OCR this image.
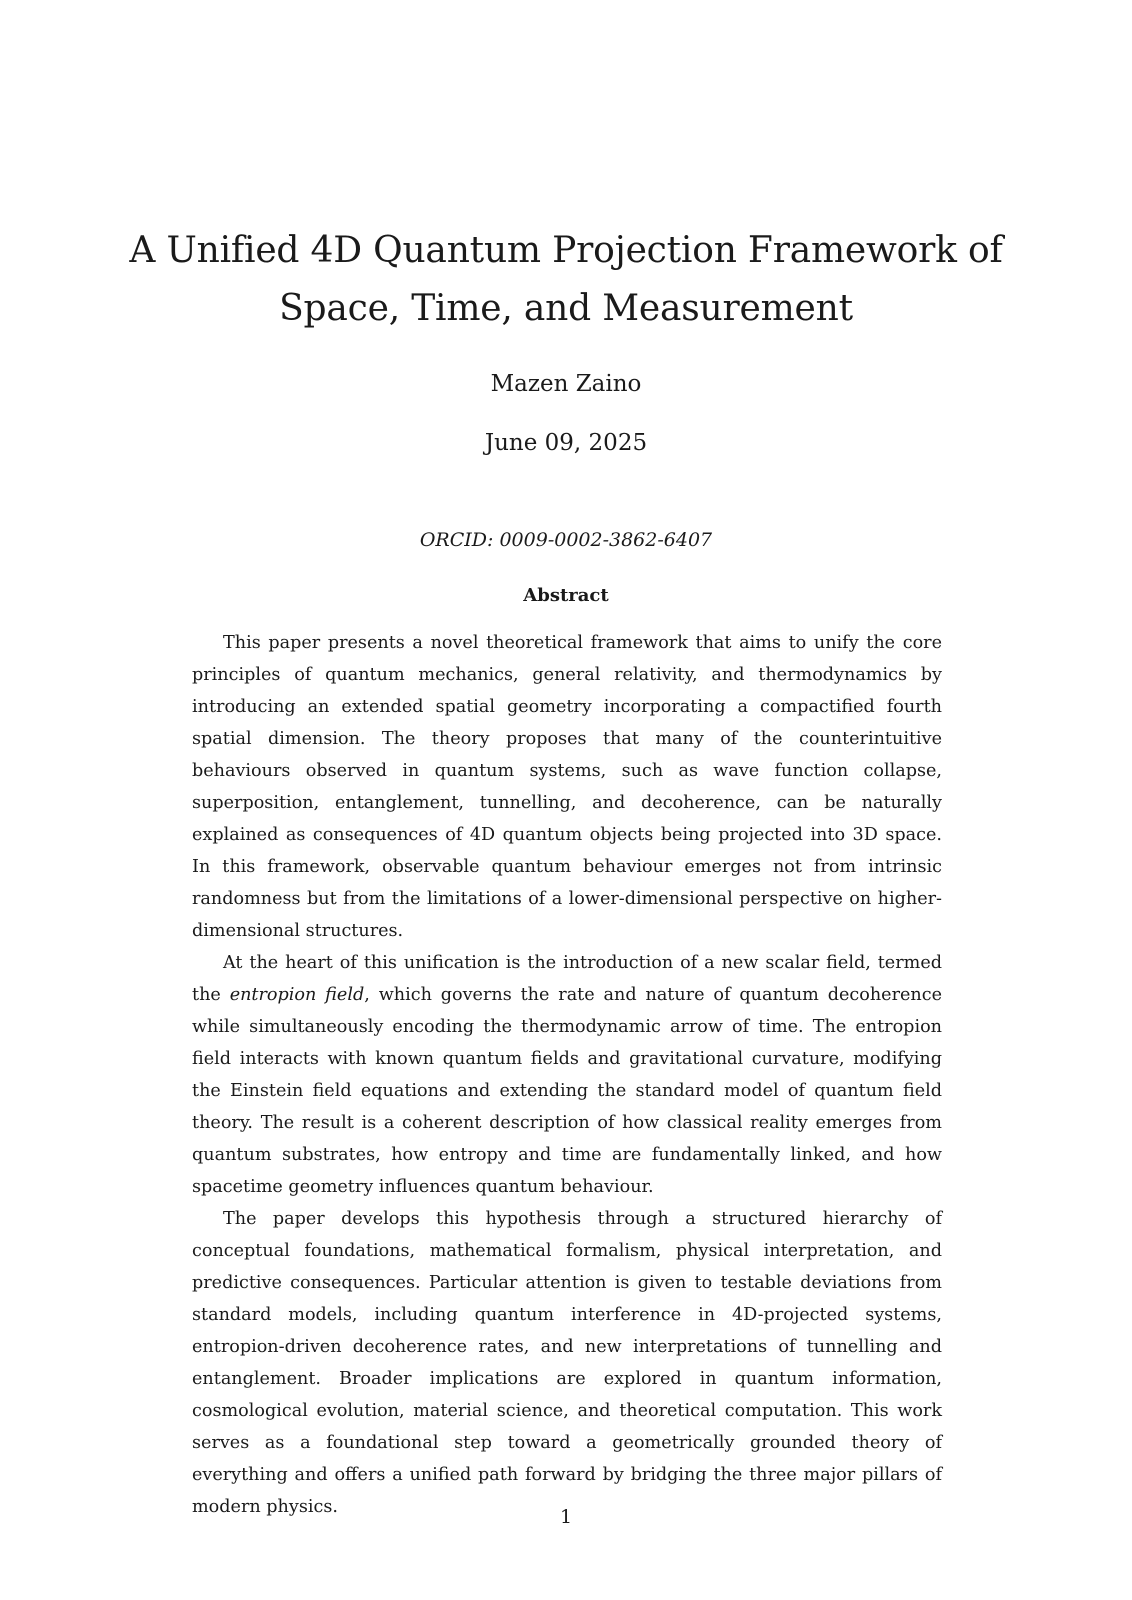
A Unified 4D Quantum Projection Framework of Space, Time, and Measurement
Mazen Zaino
June 09, 2025
ORCID: 0009-0002-3862-6407
Abstract

This paper presents a novel theoretical framework that aims to unify the core principles of quantum mechanics, general relativity, and thermodynamics by introducing an extended spatial geometry incorporating a compactified fourth spatial dimension. The theory proposes that many of the counterintuitive behaviours observed in quantum systems, such as wave function collapse, superposition, entanglement, tunnelling, and decoherence, can be naturally explained as consequences of 4D quantum objects being projected into 3D space. In this framework, observable quantum behaviour emerges not from intrinsic randomness but from the limitations of a lower-dimensional perspective on higher-dimensional structures.

At the heart of this unification is the introduction of a new scalar field, termed the entropion field, which governs the rate and nature of quantum decoherence while simultaneously encoding the thermodynamic arrow of time. The entropion field interacts with known quantum fields and gravitational curvature, modifying the Einstein field equations and extending the standard model of quantum field theory. The result is a coherent description of how classical reality emerges from quantum substrates, how entropy and time are fundamentally linked, and how spacetime geometry influences quantum behaviour.

The paper develops this hypothesis through a structured hierarchy of conceptual foundations, mathematical formalism, physical interpretation, and predictive consequences. Particular attention is given to testable deviations from standard models, including quantum interference in 4D-projected systems, entropion-driven decoherence rates, and new interpretations of tunnelling and entanglement. Broader implications are explored in quantum information, cosmological evolution, material science, and theoretical computation. This work serves as a foundational step toward a geometrically grounded theory of everything and offers a unified path forward by bridging the three major pillars of modern physics.	1
